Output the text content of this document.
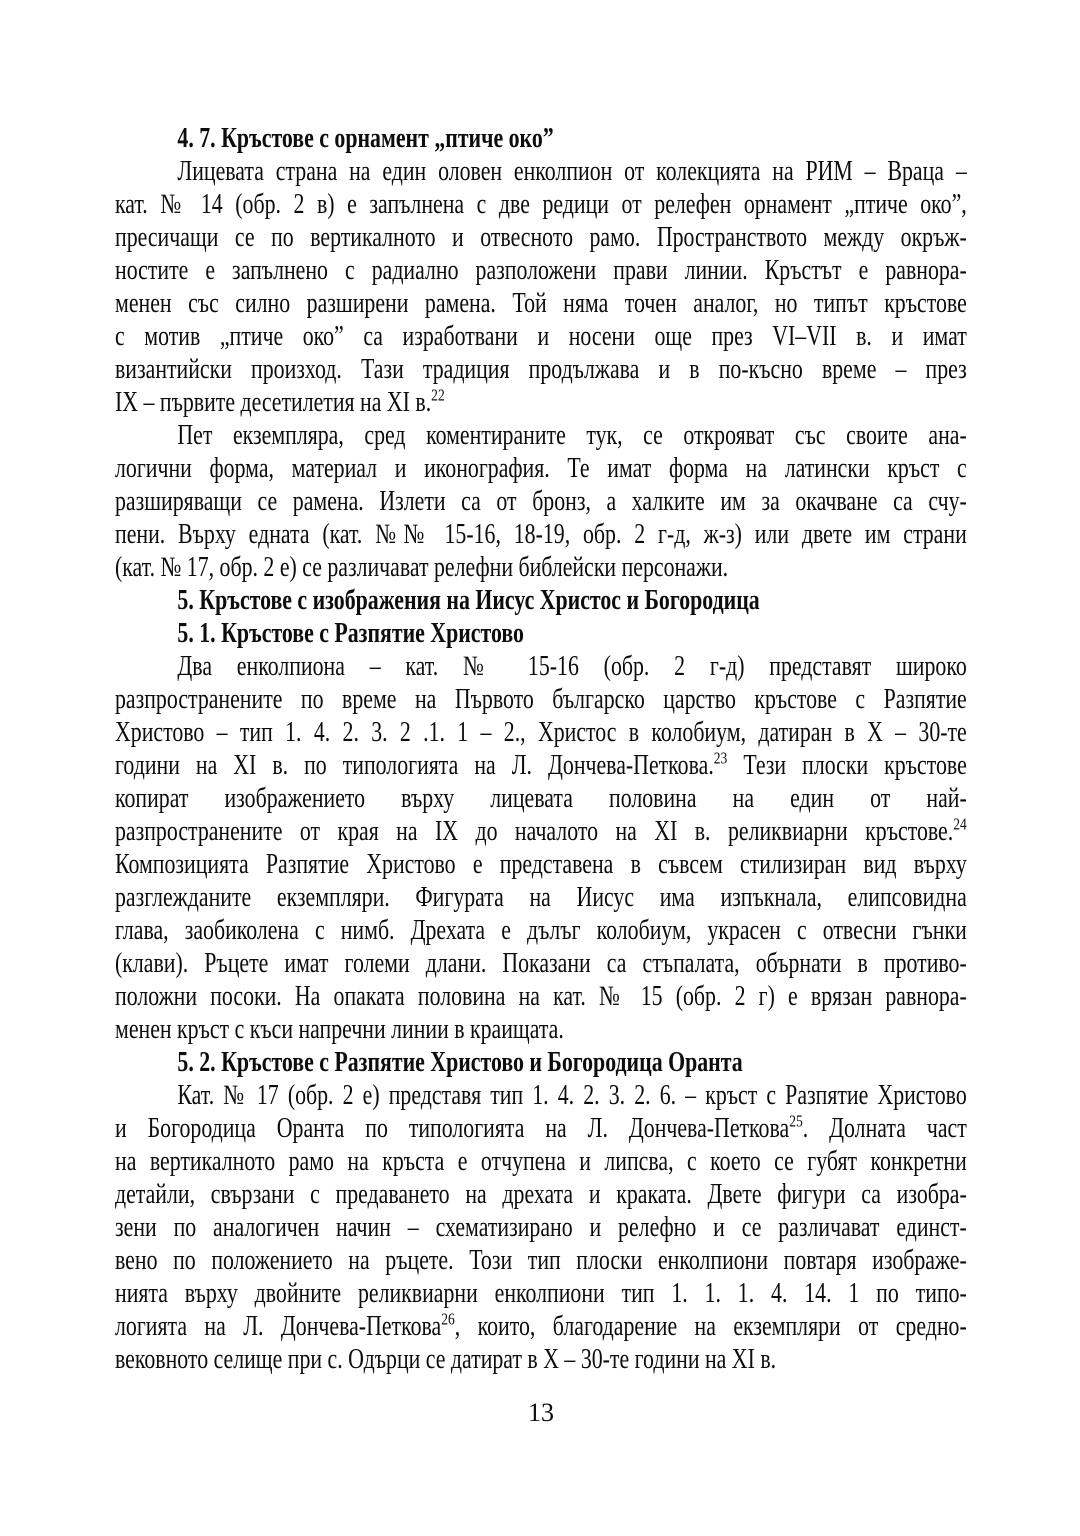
4. 7. Кръстове с орнамент „птиче око”
Лицевата страна на един оловен енколпион от колекцията на РИМ – Враца –
кат. № 14 (обр. 2 в) е запълнена с две редици от релефен орнамент „птиче око”,
пресичащи се по вертикалното и отвесното рамо. Пространството между окръж-
ностите е запълнено с радиално разположени прави линии. Кръстът е равнора-
менен със силно разширени рамена. Той няма точен аналог, но типът кръстове
с мотив „птиче око” са изработвани и носени още през VI–VII в. и имат
византийски произход. Тази традиция продължава и в по-късно време – през
IX – първите десетилетия на XI в.$^{22}$
Пет екземпляра, сред коментираните тук, се открояват със своите ана-
логични форма, материал и иконография. Те имат форма на латински кръст с
разширяващи се рамена. Излети са от бронз, а халките им за окачване са счу-
пени. Върху едната (кат. №№ 15-16, 18-19, обр. 2 г-д, ж-з) или двете им страни
(кат. № 17, обр. 2 е) се различават релефни библейски персонажи.
5. Кръстове с изображения на Иисус Христос и Богородица
5. 1. Кръстове с Разпятие Христово
Два енколпиона – кат. № 15-16 (обр. 2 г-д) представят широко
разпространените по време на Първото българско царство кръстове с Разпятие
Христово – тип 1. 4. 2. 3. 2 .1. 1 – 2., Христос в колобиум, датиран в X – 30-те
години на XI в. по типологията на Л. Дончева-Петкова.$^{23}$ Тези плоски кръстове
копират изображението върху лицевата половина на един от най-
разпространените от края на IX до началото на XI в. реликвиарни кръстове.$^{24}$
Композицията Разпятие Христово е представена в съвсем стилизиран вид върху
разглежданите екземпляри. Фигурата на Иисус има изпъкнала, елипсовидна
глава, заобиколена с нимб. Дрехата е дълъг колобиум, украсен с отвесни гънки
(клави). Ръцете имат големи длани. Показани са стъпалата, обърнати в противо-
положни посоки. На опаката половина на кат. № 15 (обр. 2 г) е врязан равнора-
менен кръст с къси напречни линии в краищата.
5. 2. Кръстове с Разпятие Христово и Богородица Оранта
Кат. № 17 (обр. 2 е) представя тип 1. 4. 2. 3. 2. 6. – кръст с Разпятие Христово
и Богородица Оранта по типологията на Л. Дончева-Петкова$^{25}$. Долната част
на вертикалното рамо на кръста е отчупена и липсва, с което се губят конкретни
детайли, свързани с предаването на дрехата и краката. Двете фигури са изобра-
зени по аналогичен начин – схематизирано и релефно и се различават единст-
вено по положението на ръцете. Този тип плоски енколпиони повтаря изображе-
нията върху двойните реликвиарни енколпиони тип 1. 1. 1. 4. 14. 1 по типо-
логията на Л. Дончева-Петкова$^{26}$, които, благодарение на екземпляри от средно-
вековното селище при с. Одърци се датират в X – 30-те години на XI в.
13
